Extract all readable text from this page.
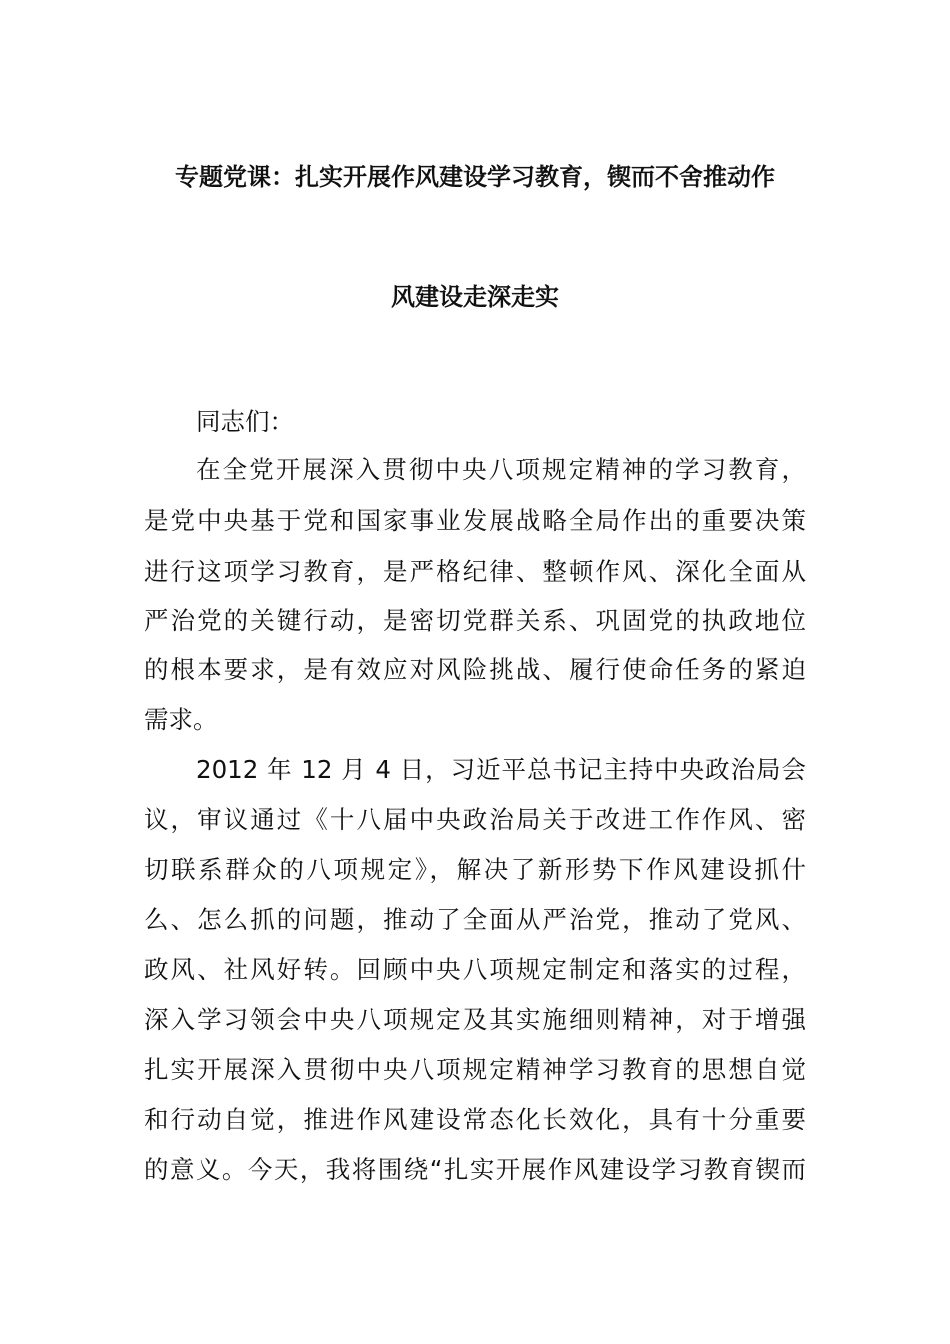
专题党课：扎实开展作风建设学习教育，锲而不舍推动作
风建设走深走实
同志们：
在全党开展深入贯彻中央八项规定精神的学习教育，
是党中央基于党和国家事业发展战略全局作出的重要决策
进行这项学习教育，是严格纪律、整顿作风、深化全面从
严治党的关键行动，是密切党群关系、巩固党的执政地位
的根本要求，是有效应对风险挑战、履行使命任务的紧迫
需求。
2012 年 12 月 4 日，习近平总书记主持中央政治局会
议，审议通过《十八届中央政治局关于改进工作作风、密
切联系群众的八项规定》，解决了新形势下作风建设抓什
么、怎么抓的问题，推动了全面从严治党，推动了党风、
政风、社风好转。回顾中央八项规定制定和落实的过程，
深入学习领会中央八项规定及其实施细则精神，对于增强
扎实开展深入贯彻中央八项规定精神学习教育的思想自觉
和行动自觉，推进作风建设常态化长效化，具有十分重要
的意义。今天，我将围绕“扎实开展作风建设学习教育锲而
